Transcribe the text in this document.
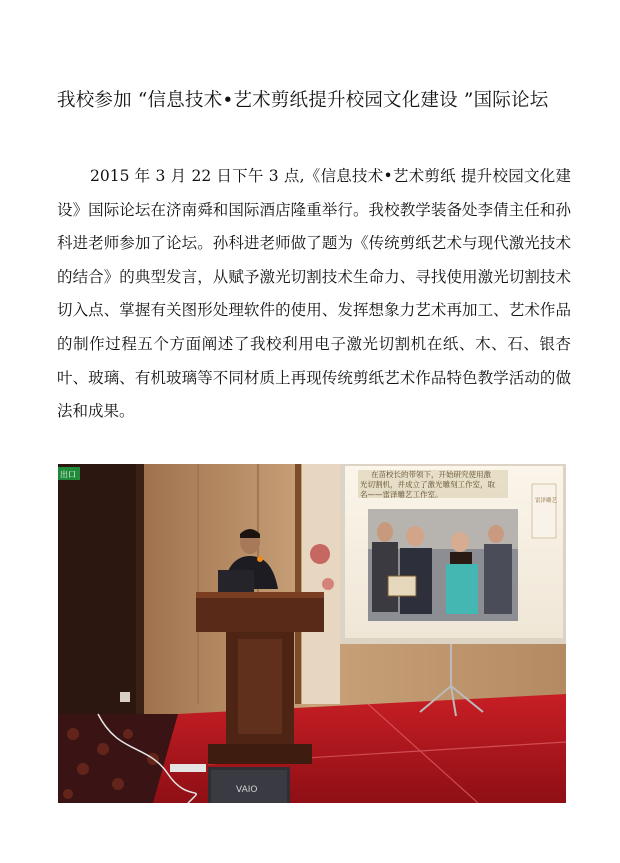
我校参加 “信息技术•艺术剪纸提升校园文化建设 ”国际论坛
2015 年 3 月 22 日下午 3 点,《信息技术•艺术剪纸 提升校园文化建设》国际论坛在济南舜和国际酒店隆重举行。我校教学装备处李倩主任和孙科进老师参加了论坛。孙科进老师做了题为《传统剪纸艺术与现代激光技术的结合》的典型发言，从赋予激光切割技术生命力、寻找使用激光切割技术切入点、掌握有关图形处理软件的使用、发挥想象力艺术再加工、艺术作品的制作过程五个方面阐述了我校利用电子激光切割机在纸、木、石、银杏叶、玻璃、有机玻璃等不同材质上再现传统剪纸艺术作品特色教学活动的做法和成果。
出口	在苗校长的带领下，开始研究使用激
光切割机，并成立了激光雕刻工作室，取
名——雷泽雕艺工作室。
雷泽雕艺
VAIO
